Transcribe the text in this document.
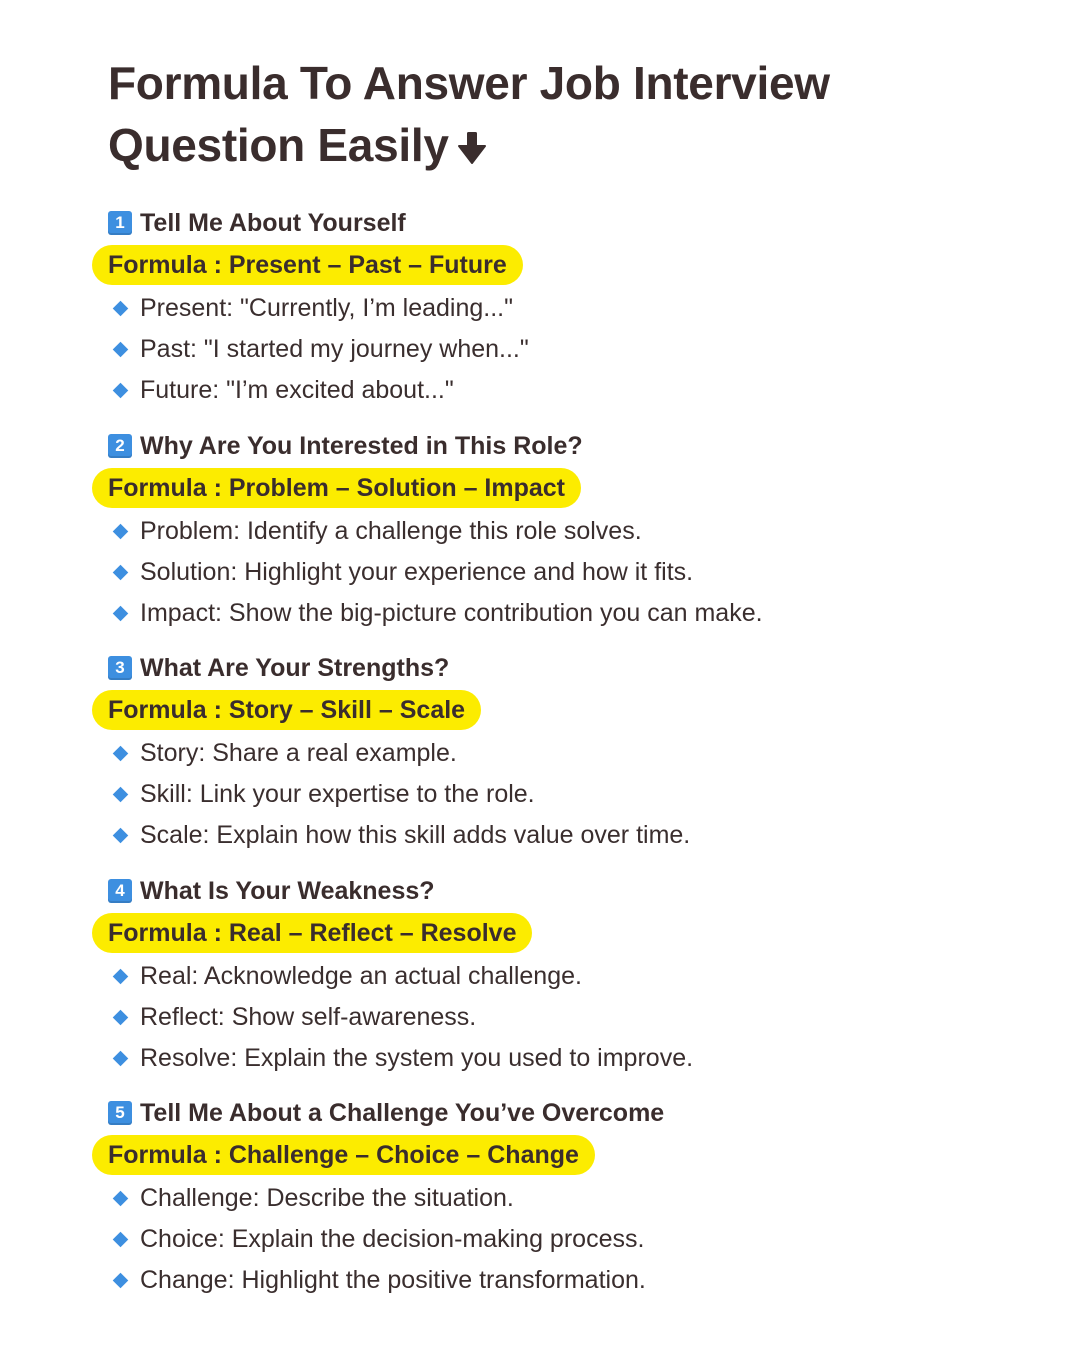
Formula To Answer Job Interview
Question Easily
1 Tell Me About Yourself
Formula : Present – Past – Future
Present: "Currently, I’m leading..."
Past: "I started my journey when..."
Future: "I’m excited about..."
2 Why Are You Interested in This Role?
Formula : Problem – Solution – Impact
Problem: Identify a challenge this role solves.
Solution: Highlight your experience and how it fits.
Impact: Show the big-picture contribution you can make.
3 What Are Your Strengths?
Formula : Story – Skill – Scale
Story: Share a real example.
Skill: Link your expertise to the role.
Scale: Explain how this skill adds value over time.
4 What Is Your Weakness?
Formula : Real – Reflect – Resolve
Real: Acknowledge an actual challenge.
Reflect: Show self-awareness.
Resolve: Explain the system you used to improve.
5 Tell Me About a Challenge You’ve Overcome
Formula : Challenge – Choice – Change
Challenge: Describe the situation.
Choice: Explain the decision-making process.
Change: Highlight the positive transformation.
